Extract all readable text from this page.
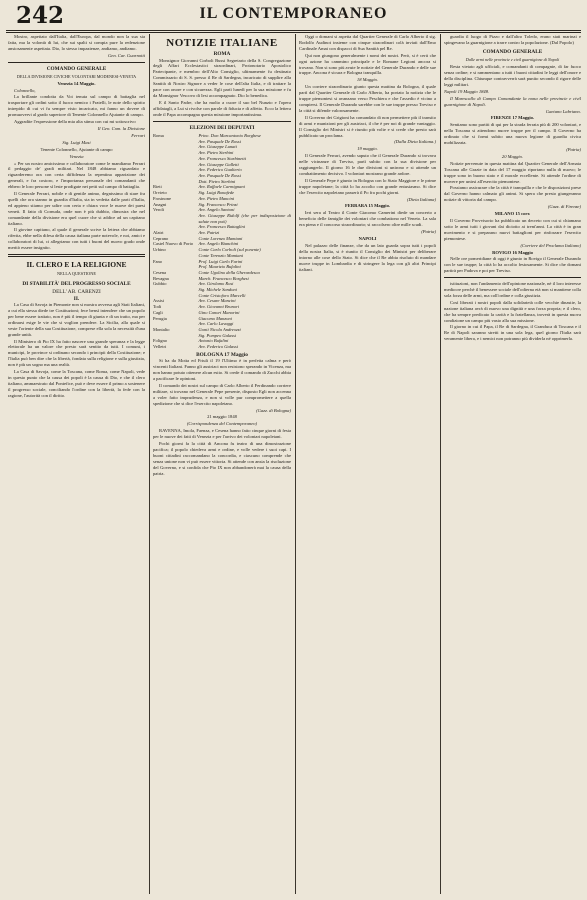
242	IL CONTEMPORANEO

Mostro, aspettato dall'Italia, dall'Europa, dal mondo non la sua sia fatta, ma la volontà di lui, che sui spalti si compia pure la redenzione ansiosamente aspettata. Dio, lo stesso impazienze, andiamo, andiamo.

Gen. Car. Guarnotti

COMANDO GENERALE
DELLA DIVISIONE CIVICHE VOLONTARI MODENESI-VENETA

Venezia 14 Maggio.

Colonnello,

La brillante condotta da Voi tenuta sul campo di battaglia nel trasportare gli ordini sotto il fuoco nemico i Fratelli, le note dello spirito intrepido di cui vi fu sempre visto incaricato, mi fanno un dovere di promuovervi al grado superiore di Tenente Colonnello Ajutante di campo.

Aggradite l'espressione della mia alta stima con cui mi sottoscrivo

Il Gen. Com. la Divisione

Ferrari

Sig. Luigi Masi

Tenente Colonnello, Ajutante di campo

Venezia

« Per un nostro amicissimo e collaboratore come le mandiamo Ferrari il pedaggio de' gradi militari. Nel 1848 abbiamo riguardato e riguarderemo ora con certa diffidenza la repentina apparizione dei generali, e fra costoro, e l'importanza personale dei comandanti che ebbero le loro persone sì leste prodigate nei petti sul campo di battaglia.

Il Generale Ferrari, nobile e di gentile animo, degnissimo di stare fra quelli che ora stanno in guardia d'Italia, sta in vedetta dalle parti d'Italia, ed appieno stiamo per udire con certa e chiara voce le nuove dei paesi veneti. Il fatto di Cornuda, onde non è più dubbio, dimostra che nel comandante della divisione era quel cuore che si addice ad un capitano italiano.

Il giovine capitano, al quale il generale scrive la lettera che abbiamo riferita, ebbe nella difesa della causa italiana parte notevole, e noi, amici e collaboratori di lui, ci allegriamo con tutti i buoni del nuovo grado onde meritò essere insignito.

IL CLERO E LA RELIGIONE
NELLA QUESTIONE
DI STABILITÀ' DEL PROGRESSO SOCIALE
DELL' AB. CARENZI
II.

La Casa di Savoja in Piemonte non si mostra avversa agli Stati Italiani, a cui ella stessa diede tre Costituzioni; fece bensì intendere che un popolo per bene essere trattato, non è più il tempo di giunta e di un tratto, ma per ordinarsi esige le vie che si voglion prendere. La Sicilia, alla quale si veste l'oriente della sua Costituzione, comprese ella sola la necessità d'una grande unità.

Il Ministero di Pio IX ha fatto nascere una grande speranza e la legge elettorale ha un valore che presto sarà sentito da tutti. I comuni, i municipi, le province si ordinano secondo i principii della Costituzione; e l'Italia può ben dire che la libertà, fondata sulla religione e sulla giustizia, non è più un sogno ma una realtà.

La Casa di Savoja, come la Toscana, come Roma, come Napoli, vede in questo punto che la causa dei popoli è la causa di Dio, e che il clero italiano, ammaestrato dal Pontefice, può e deve essere il primo a sostenere il progresso sociale, conciliando l'ordine con la libertà, la fede con la ragione, l'autorità con il diritto.

NOTIZIE ITALIANE
ROMA

Monsignor Giovanni Corboli Bussi Segretario della S. Congregazione degli Affari Ecclesiastici straordinari, Protonotario Apostolico Partecipante, e membro dell'Alto Consiglio, ultimamente fu destinato Commissario di S. S. presso il Re di Sardegna, incaricato di supplire alla Santità di Nostro Signore a veder le cose dell'alta Italia, e di trattare la pace con onore e con sicurezza. Egli partì lunedì per la sua missione e fu da Monsignor Vescovo di Iesi accompagnato. Dio lo benedica.

E il Santo Padre, che ha molto a cuore il suo bel Nunzio e l'opera affidatagli, a Lui si rivolse con parole di fiducia e di affetto. Ecco la lettera onde il Papa accompagna questa missione importantissima.

ELEZIONI DEI DEPUTATI
Roma	Princ. Don Marcantonio Borghese
	Avv. Pasquale De Rossi
	Avv. Giuseppe Lunati
	Avv. Pietro Sterbini
	Avv. Francesco Sturbinetti
	Avv. Giuseppe Galletti
	Avv. Federico Gualterio
	Avv. Pasquale De Rossi
	Dott. Pietro Sterbini
Rieti	Avv. Raffaele Carmignani
Orvieto	Sig. Luigi Bonafede
Frosinone	Avv. Pietro Mancini
Anagni	Sig. Francesco Prinzi
Veroli	Avv. Angelo Santoni
	Avv. Giuseppe Ridolfi (che per indisposizione di salute non può)
	Avv. Francesco Battaglini
Alatri	Avv. Patrizi
Ceprano	Conte Lorenzo Mamiani
Castel Nuovo di Porto	Avv. Angelo Bianchini
Urbino	Conte Carlo Corboli (sul ponente)
	Conte Terenzio Mamiani
Fano	Prof. Luigi Carlo Farini
	Prof. Maurizio Bufalini
Cesena	Conte Ugolino della Gherardesca
Bevagna	March. Francesco Borghesi
Gubbio	Avv. Girolamo Rosi
	Sig. Michele Sandoni
	Conte Cristoforo Marcelli
Assisi	Avv. Cesare Mancini
Todi	Avv. Giovanni Brunori
Cagli	Gino Canori Manorini
Perugia	Giacomo Manzoni
	Avv. Carlo Lavaggi
Montalto	Gonti Nicola Andreozzi
	Sig. Pompeo Galassi
Foligno	Antonio Bufalini
Velletri	Avv. Federico Galassi
BOLOGNA 17 Maggio

Si ha da Motta ed Friuli il 19 l'Ultimo è in perfetta calma e però vincenti Italiani. Fanno gli austriaci non resistono sperando in Vicenza, ma non hanno potuto ottenere alcun esito. Si crede il comando di Zucchi abbia a pacificare le opinioni.

Il comando dei nostri sul campo di Carlo Alberto il Ferdinando corriere militare, si trovano nel Generale Pepe presente, disposto Egli non accenna a voler fatto imprudenza, e non si volle pur compromettere a quella spedizione che si dice l'esercito napoletano.

(Gazz. di Bologna)

21 maggio 1848

(Corrispondenza del Contemporaneo)

RAVENNA, Imola, Faenza, e Cesena hanno fatto cinque giorni di festa per le nuove dei fatti di Venezia e per l'arrivo dei volontari napoletani.

Pochi giorni fa la città di Ancona fu teatro di una dimostrazione pacifica; il popolo chiedeva armi e ordine, e volle vedere i suoi capi. I buoni cittadini raccomandano la concordia, e ciascuno comprende che senza unione non vi può essere vittoria. Si attende con ansia la risoluzione del Governo, e si confida che Pio IX non abbandonerà mai la causa della patria.

Oggi o domani si aspetta dal Quartier Generale di Carlo Alberto il sig. Rodolfo Audinot insieme con cinque straordinari colà inviati dall'Emo Cardinale Amat con dispacci di Sua Santità pel Re.

Qui non giungono generalmente i nomi dei nostri. Però, si è certi che ogni azione ha cammino principale e le Romane Legioni ancora si trovano. Non si sono più avute le notizie del Generale Durando e delle sue truppe. Ancona è sicura e Bologna tranquilla.

18 Maggio.

Un corriere straordinario giunto questa mattina da Bologna, il quale partì dal Quartier Generale di Carlo Alberto, ha portato la notizia che le truppe piemontesi si avanzano verso Peschiera e che l'assedio è vicino a compiersi. Il Generale Durando sarebbe con le sue truppe presso Treviso e la città si difende valorosamente.

Il Governo dei Grigioni ha comandato di non permettere più il transito di armi e munizioni per gli austriaci, il che è per noi di grande vantaggio. Il Consiglio dei Ministri si è riunito più volte e si crede che presto sarà pubblicato un proclama.

(Dalla Dieta Italiana.)

19 maggio.

Il Generale Ferrari, avendo saputo che il Generale Durando si trovava nelle vicinanze di Treviso, partì subito con la sua divisione per raggiungerlo. Il giorno 16 le due divisioni si unirono e si attende un combattimento decisivo. I volontari mostrano grande ardore.

Il Generale Pepe è giunto in Bologna con lo Stato Maggiore e le prime truppe napoletane; la città lo ha accolto con grande entusiasmo. Si dice che l'esercito napoletano passerà il Po fra pochi giorni.

(Dieta Italiana)

FERRARA 15 Maggio.

Ieri sera al Teatro il Conte Giacomo Camerini diede un concerto a beneficio delle famiglie dei volontari che combattono nel Veneto. La sala era piena e il concorso straordinario; si raccolsero oltre mille scudi.

(Patria)

NAPOLI

Nel palazzo delle finanze, che da un lato guarda sopra tutti i popoli della nostra Italia, si è riunito il Consiglio dei Ministri per deliberare intorno alle cose dello Stato. Si dice che il Re abbia risoluto di mandare nuove truppe in Lombardia e di stringere la lega con gli altri Principi italiani.

guardia il luogo di Pizzo e dall'altro Toledo, erano stati marinai e spingevano la guarnigione a trarre contro la popolazione. (Dal Popolo)

COMANDO GENERALE

Dalle armi nelle provincie e civil guarnigione di Napoli

Resta vietato agli ufficiali, e comandanti di compagnie, di far fuoco senza ordine; e si rammentano a tutti i buoni cittadini le leggi dell'onore e della disciplina. Chiunque contravverrà sarà punito secondo il rigore delle leggi militari.

Napoli 19 Maggio 1848.

Il Marescallo di Campo Comandante la nona nelle provincie e civil guarnigione di Napoli.

Gaetano Labriano.

FIRENZE 17 Maggio.

Sentiamo sono partiti di qui per la strada ferrata più di 200 volontari, e nella Toscana si attendono nuove truppe per il campo. Il Governo ha ordinato che si formi subito una nuova legione di guardia civica mobilizzata.

(Patria)

20 Maggio.

Notizie pervenute in questa mattina dal Quartier Generale dell'Armata Toscana alle Grazie in data del 17 maggio riportano nulla di nuovo; le truppe sono in buono stato e il morale eccellente. Si attende l'ordine di movere per unirsi all'esercito piemontese.

Possiamo assicurare che la città è tranquilla e che le disposizioni prese dal Governo hanno calmato gli animi. Si spera che presto giungeranno notizie di vittoria dal campo.

(Gazz. di Firenze)

MILANO 15 corr.

Il Governo Provvisorio ha pubblicato un decreto con cui si chiamano sotto le armi tutti i giovani dai diciotto ai trent'anni. La città è in gran movimento e si preparano nuovi battaglioni per rinforzare l'esercito piemontese.

(Corriere del Proclama Italiano)

ROVIGO 16 Maggio

Nelle ore pomeridiane di oggi è giunto in Rovigo il Generale Durando con le sue truppe; la città lo ha accolto festosamente. Si dice che domani partirà per Padova e poi per Treviso.

istituzioni, non l'andamento dell'opinione nazionale, nè il loro interesse mediocre perchè il benessere sociale dell'odierna età non si mantiene colla sola forza delle armi, ma coll'ordine e colla giustizia.

Così liberati i nostri popoli dalla solidarietà colle vecchie dinastie, la nazione italiana avrà di nuovo una dignità e una forza propria; e il clero, che ha sempre predicato la carità e la fratellanza, troverà in questa nuova condizione un campo più vasto alla sua missione.

Il giorno in cui il Papa, il Re di Sardegna, il Granduca di Toscana e il Re di Napoli saranno stretti in una sola lega, quel giorno l'Italia sarà veramente libera, e i nemici non potranno più dividerla né opprimerla.
